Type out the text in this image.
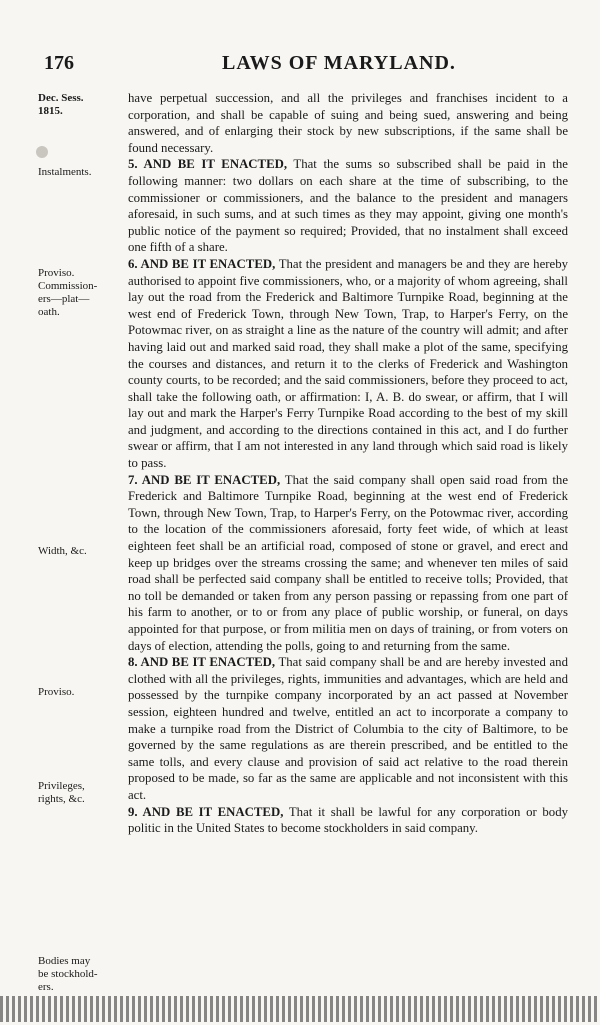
176	LAWS OF MARYLAND.
Dec. Sess.
1815.
Instalments.
Proviso.
Commission-
ers—plat—
oath.
Width, &c.
Proviso.
Privileges,
rights, &c.
Bodies may
be stockhold-
ers.

have perpetual succession, and all the privileges and franchises incident to a corporation, and shall be capable of suing and being sued, answering and being answered, and of enlarging their stock by new subscriptions, if the same shall be found necessary.

5. AND BE IT ENACTED, That the sums so subscribed shall be paid in the following manner: two dollars on each share at the time of subscribing, to the commissioner or commissioners, and the balance to the president and managers aforesaid, in such sums, and at such times as they may appoint, giving one month's public notice of the payment so required; Provided, that no instalment shall exceed one fifth of a share.

6. AND BE IT ENACTED, That the president and managers be and they are hereby authorised to appoint five commissioners, who, or a majority of whom agreeing, shall lay out the road from the Frederick and Baltimore Turnpike Road, beginning at the west end of Frederick Town, through New Town, Trap, to Harper's Ferry, on the Potowmac river, on as straight a line as the nature of the country will admit; and after having laid out and marked said road, they shall make a plot of the same, specifying the courses and distances, and return it to the clerks of Frederick and Washington county courts, to be recorded; and the said commissioners, before they proceed to act, shall take the following oath, or affirmation: I, A. B. do swear, or affirm, that I will lay out and mark the Harper's Ferry Turnpike Road according to the best of my skill and judgment, and according to the directions contained in this act, and I do further swear or affirm, that I am not interested in any land through which said road is likely to pass.

7. AND BE IT ENACTED, That the said company shall open said road from the Frederick and Baltimore Turnpike Road, beginning at the west end of Frederick Town, through New Town, Trap, to Harper's Ferry, on the Potowmac river, according to the location of the commissioners aforesaid, forty feet wide, of which at least eighteen feet shall be an artificial road, composed of stone or gravel, and erect and keep up bridges over the streams crossing the same; and whenever ten miles of said road shall be perfected said company shall be entitled to receive tolls; Provided, that no toll be demanded or taken from any person passing or repassing from one part of his farm to another, or to or from any place of public worship, or funeral, on days appointed for that purpose, or from militia men on days of training, or from voters on days of election, attending the polls, going to and returning from the same.

8. AND BE IT ENACTED, That said company shall be and are hereby invested and clothed with all the privileges, rights, immunities and advantages, which are held and possessed by the turnpike company incorporated by an act passed at November session, eighteen hundred and twelve, entitled an act to incorporate a company to make a turnpike road from the District of Columbia to the city of Baltimore, to be governed by the same regulations as are therein prescribed, and be entitled to the same tolls, and every clause and provision of said act relative to the road therein proposed to be made, so far as the same are applicable and not inconsistent with this act.

9. AND BE IT ENACTED, That it shall be lawful for any corporation or body politic in the United States to become stockholders in said company.
